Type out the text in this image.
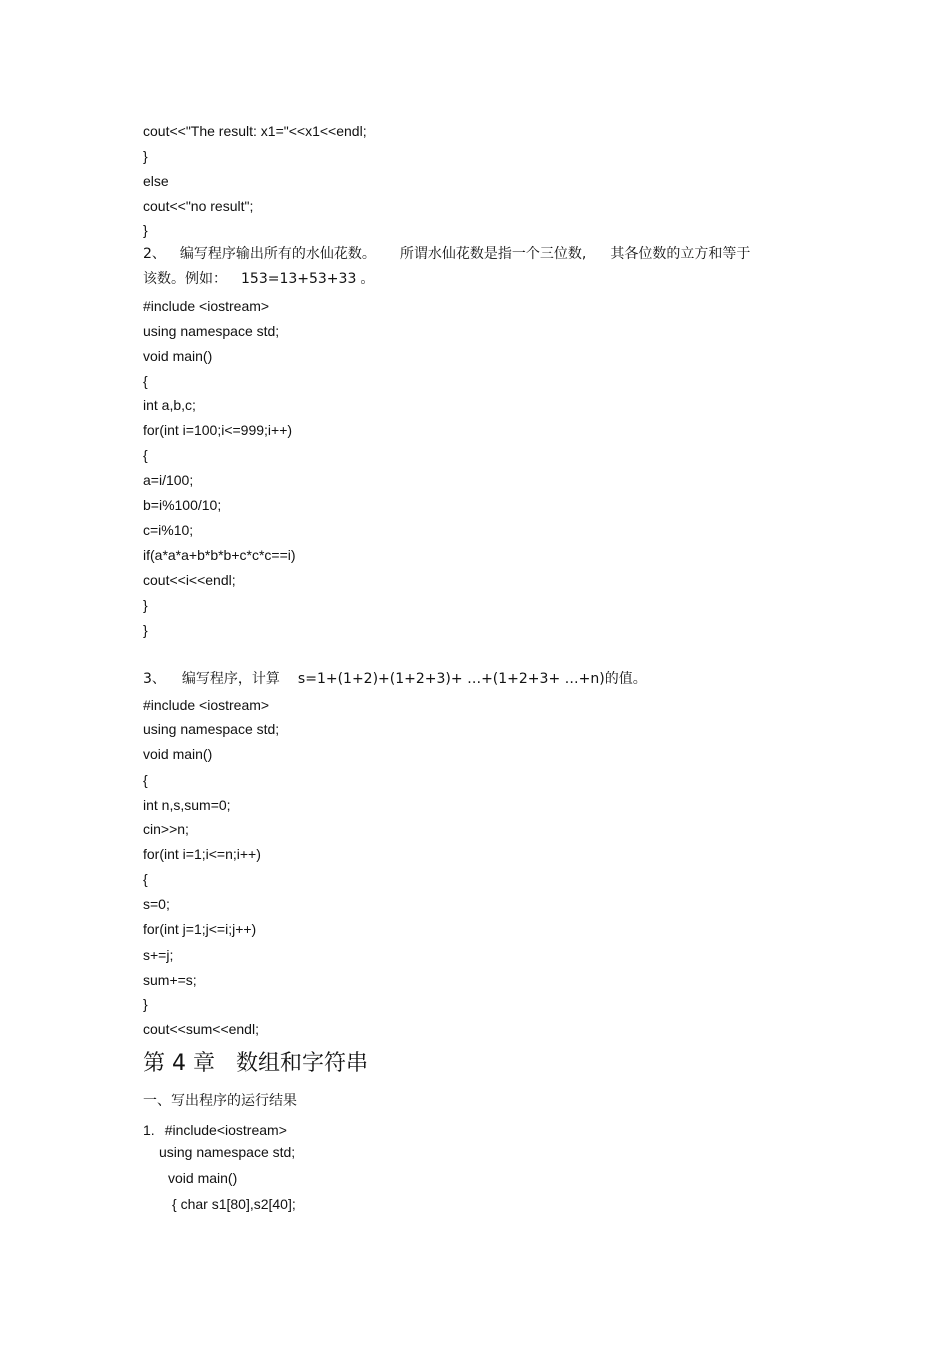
cout<<"The result: x1="<<x1<<endl;
}
else
cout<<"no result";
}
2、 编写程序输出所有的水仙花数。 所谓水仙花数是指一个三位数, 其各位数的立方和等于
该数。例如： 153=13+53+33 。
#include <iostream>
using namespace std;
void main()
{
int a,b,c;
for(int i=100;i<=999;i++)
{
a=i/100;
b=i%100/10;
c=i%10;
if(a*a*a+b*b*b+c*c*c==i)
cout<<i<<endl;
}
}
3、 编写程序，计算 s=1+(1+2)+(1+2+3)+ …+(1+2+3+ …+n)的值。
#include <iostream>
using namespace std;
void main()
{
int n,s,sum=0;
cin>>n;
for(int i=1;i<=n;i++)
{
s=0;
for(int j=1;j<=i;j++)
s+=j;
sum+=s;
}
cout<<sum<<endl;
第 4 章   数组和字符串
一、写出程序的运行结果
1. #include<iostream>
using namespace std;
void main()
{ char s1[80],s2[40];
